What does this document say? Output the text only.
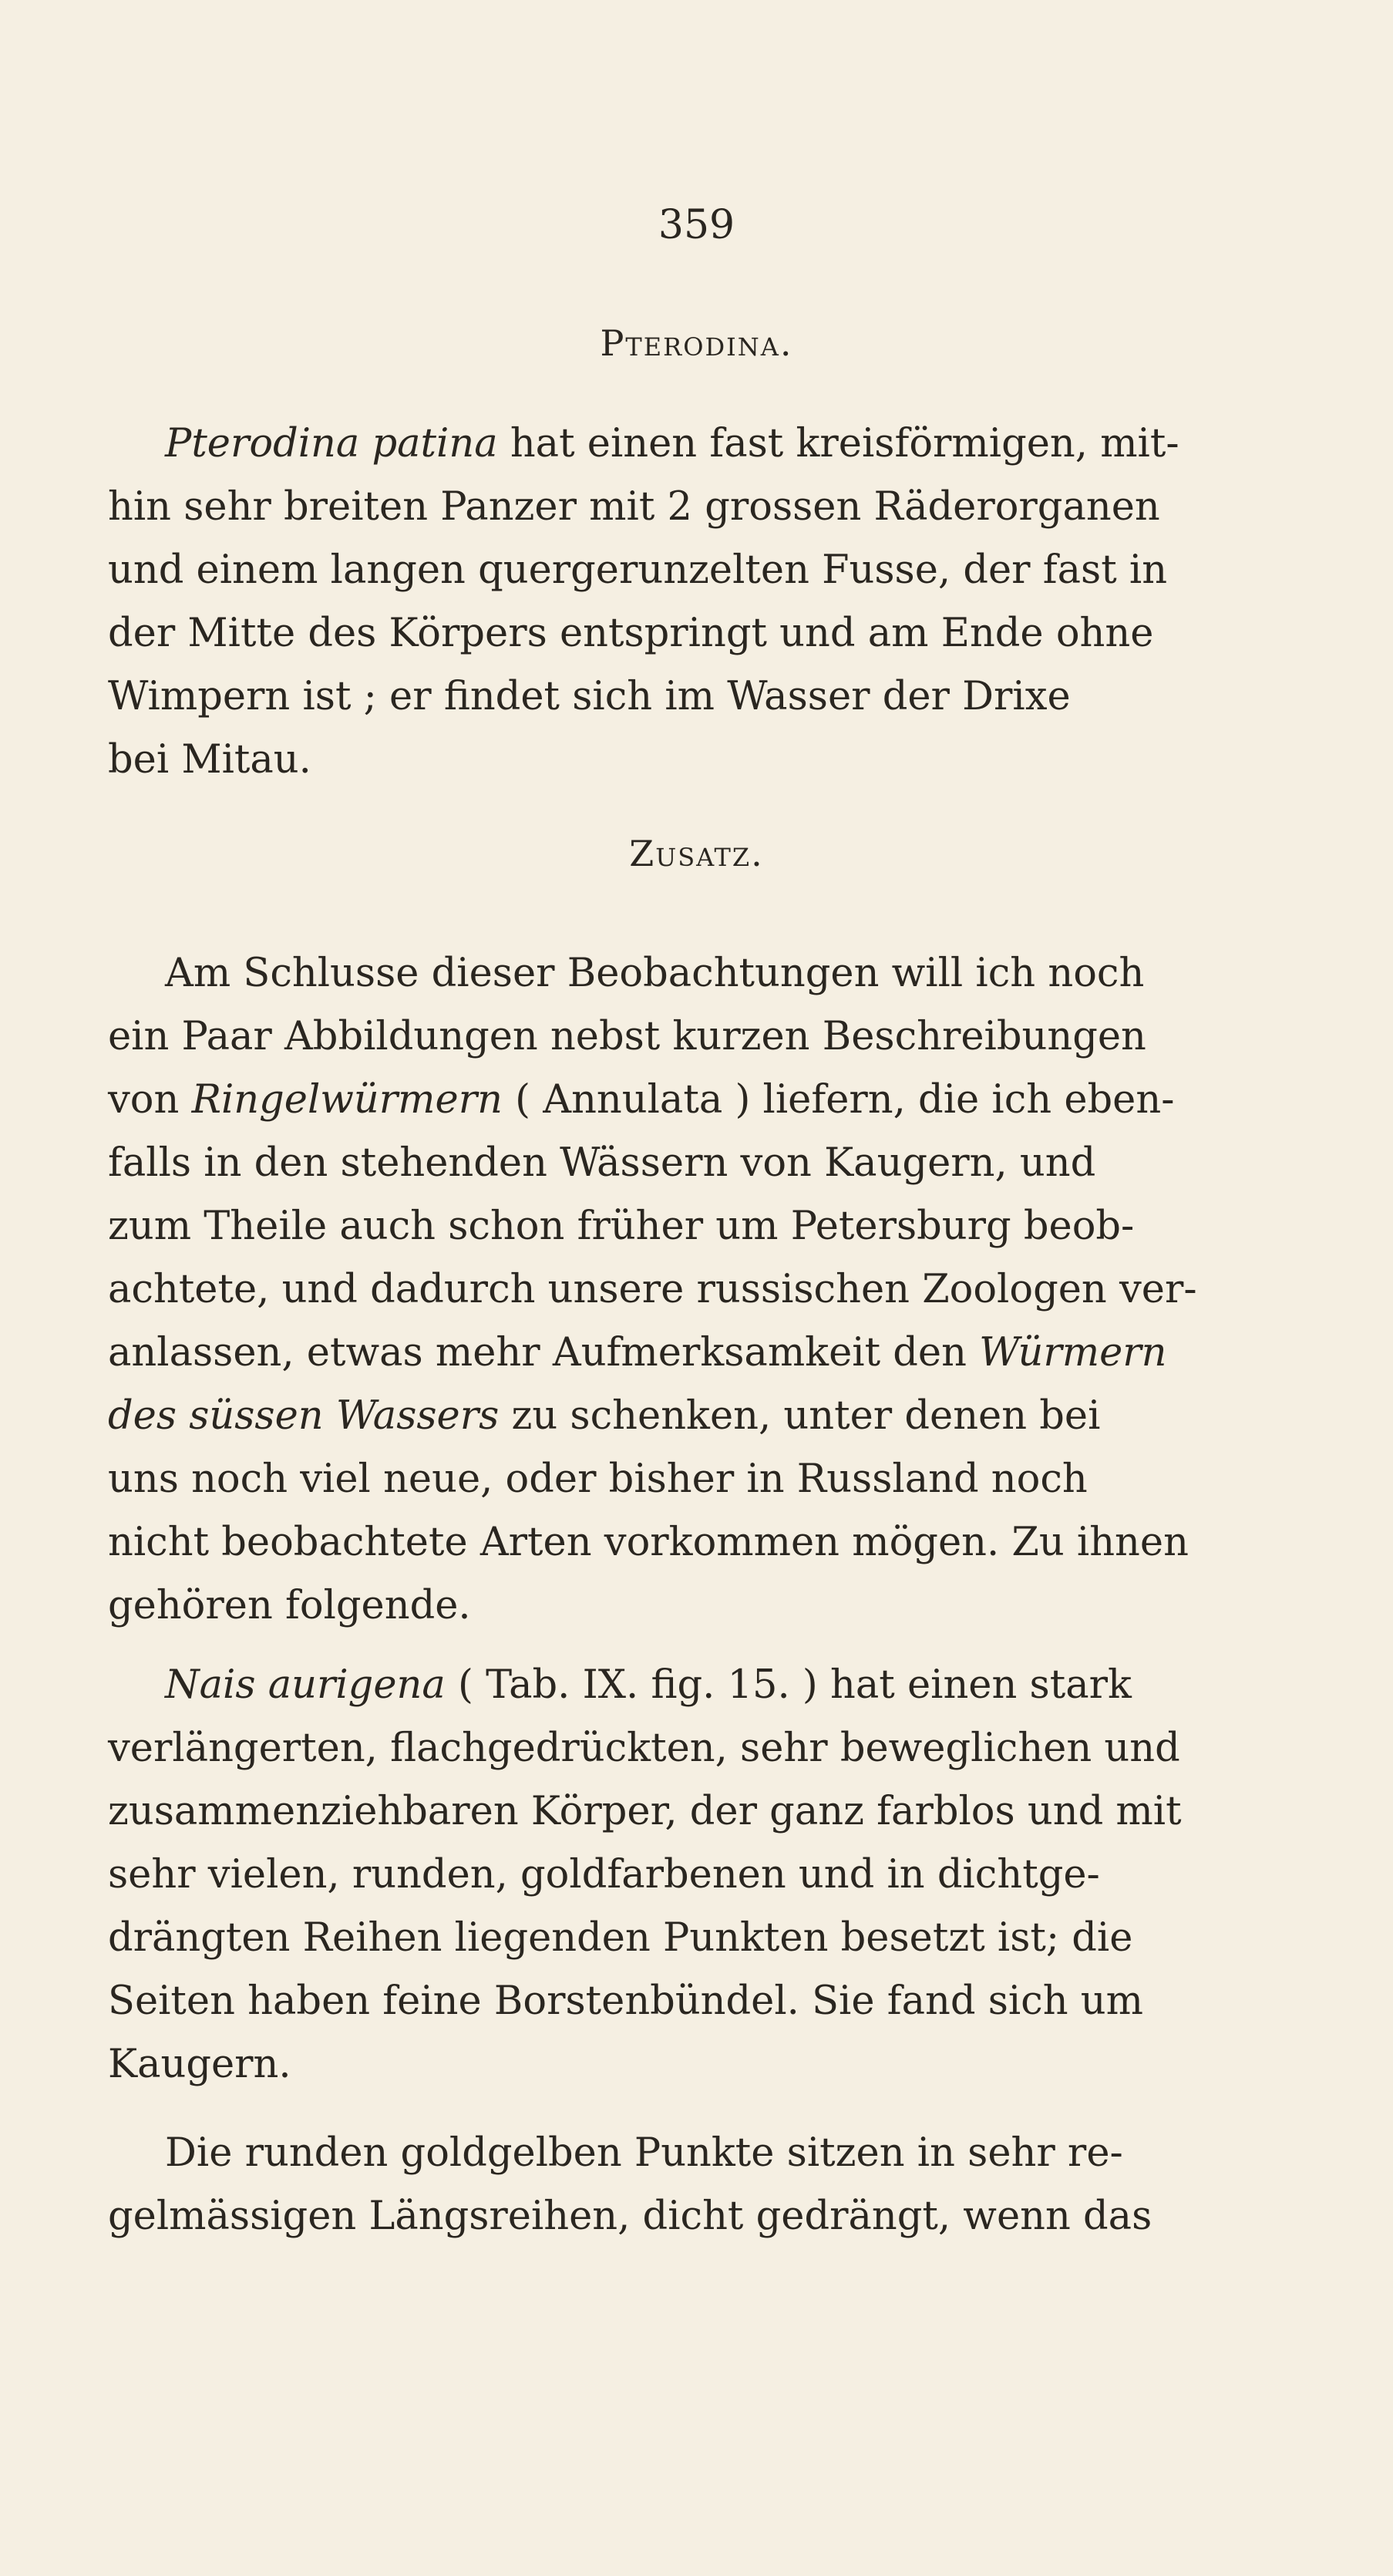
359
Pterodina.
Pterodina patina hat einen fast kreisförmigen, mit-
hin sehr breiten Panzer mit 2 grossen Räderorganen
und einem langen quergerunzelten Fusse, der fast in
der Mitte des Körpers entspringt und am Ende ohne
Wimpern ist ; er findet sich im Wasser der Drixe
bei Mitau.
Zusatz.
Am Schlusse dieser Beobachtungen will ich noch
ein Paar Abbildungen nebst kurzen Beschreibungen
von Ringelwürmern ( Annulata ) liefern, die ich eben-
falls in den stehenden Wässern von Kaugern, und
zum Theile auch schon früher um Petersburg beob-
achtete, und dadurch unsere russischen Zoologen ver-
anlassen, etwas mehr Aufmerksamkeit den Würmern
des süssen Wassers zu schenken, unter denen bei
uns noch viel neue, oder bisher in Russland noch
nicht beobachtete Arten vorkommen mögen. Zu ihnen
gehören folgende.
Nais aurigena ( Tab. IX. fig. 15. ) hat einen stark
verlängerten, flachgedrückten, sehr beweglichen und
zusammenziehbaren Körper, der ganz farblos und mit
sehr vielen, runden, goldfarbenen und in dichtge-
drängten Reihen liegenden Punkten besetzt ist; die
Seiten haben feine Borstenbündel. Sie fand sich um
Kaugern.
Die runden goldgelben Punkte sitzen in sehr re-
gelmässigen Längsreihen, dicht gedrängt, wenn das
